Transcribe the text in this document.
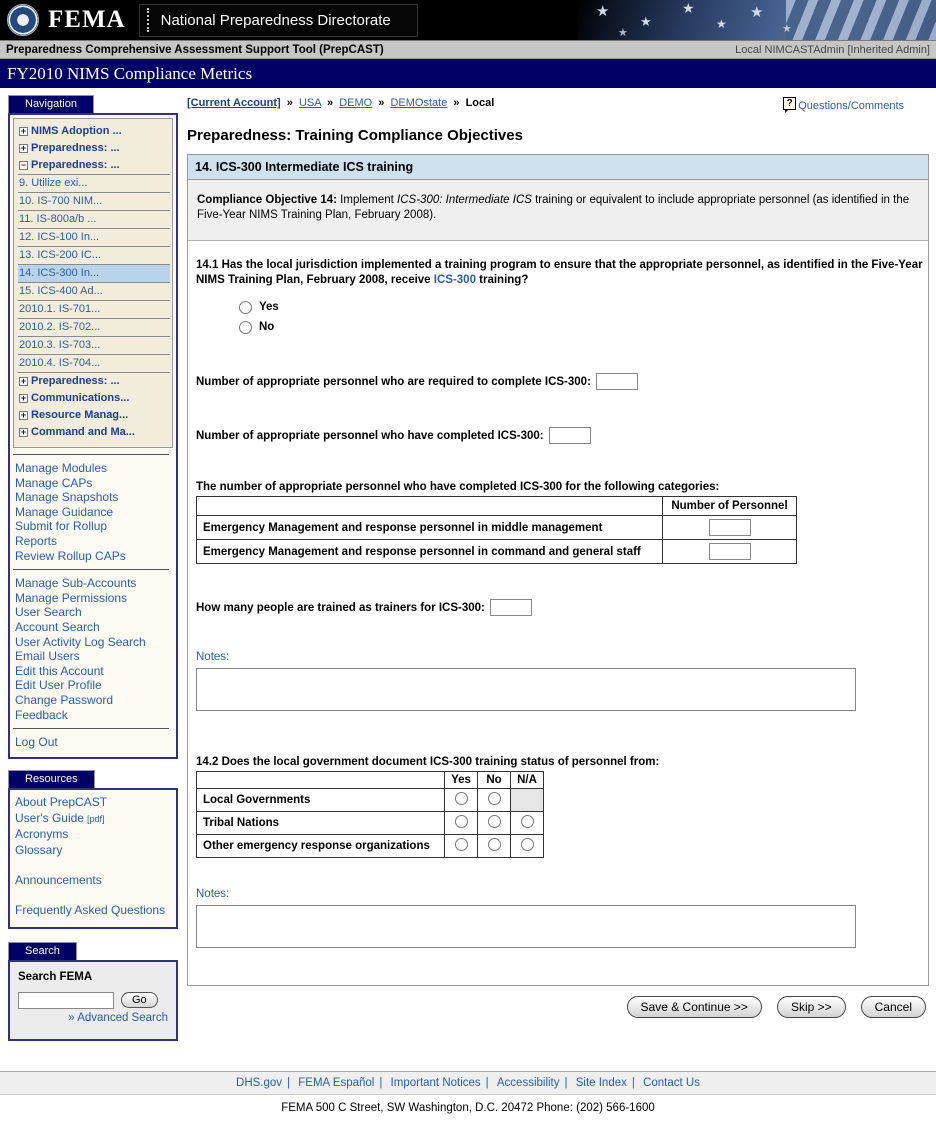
FEMA National Preparedness Directorate
★
★
★
★
★
★
★
Preparedness Comprehensive Assessment Support Tool (PrepCAST)	Local NIMCASTAdmin [Inherited Admin]
FY2010 NIMS Compliance Metrics
Navigation
+ NIMS Adoption ...
+ Preparedness: ...
− Preparedness: ...
9. Utilize exi...
10. IS-700 NIM...
11. IS-800a/b ...
12. ICS-100 In...
13. ICS-200 IC...
14. ICS-300 In...
15. ICS-400 Ad...
2010.1. IS-701...
2010.2. IS-702...
2010.3. IS-703...
2010.4. IS-704...
+ Preparedness: ...
+ Communications...
+ Resource Manag...
+ Command and Ma...
Manage Modules
Manage CAPs
Manage Snapshots
Manage Guidance
Submit for Rollup
Reports
Review Rollup CAPs
Manage Sub-Accounts
Manage Permissions
User Search
Account Search
User Activity Log Search
Email Users
Edit this Account
Edit User Profile
Change Password
Feedback
Log Out
Resources
About PrepCAST
User's Guide [pdf]
Acronyms
Glossary
Announcements
Frequently Asked Questions
Search
Search FEMA
Go
» Advanced Search
[Current Account] » USA » DEMO » DEMOstate » Local	? Questions/Comments
Preparedness: Training Compliance Objectives
14. ICS-300 Intermediate ICS training
Compliance Objective 14: Implement ICS-300: Intermediate ICS training or equivalent to include appropriate personnel (as identified in the Five-Year NIMS Training Plan, February 2008).

14.1 Has the local jurisdiction implemented a training program to ensure that the appropriate personnel, as identified in the Five-Year NIMS Training Plan, February 2008, receive ICS-300 training?

Yes
No
Number of appropriate personnel who are required to complete ICS-300:
Number of appropriate personnel who have completed ICS-300:
The number of appropriate personnel who have completed ICS-300 for the following categories:
	Number of Personnel
Emergency Management and response personnel in middle management	
Emergency Management and response personnel in command and general staff	
How many people are trained as trainers for ICS-300:
Notes:
14.2 Does the local government document ICS-300 training status of personnel from:
	Yes	No	N/A
Local Governments			
Tribal Nations			
Other emergency response organizations			
Notes:
Save & Continue >>	Skip >>	Cancel
DHS.gov | FEMA Español | Important Notices | Accessibility | Site Index | Contact Us
FEMA 500 C Street, SW Washington, D.C. 20472 Phone: (202) 566-1600
